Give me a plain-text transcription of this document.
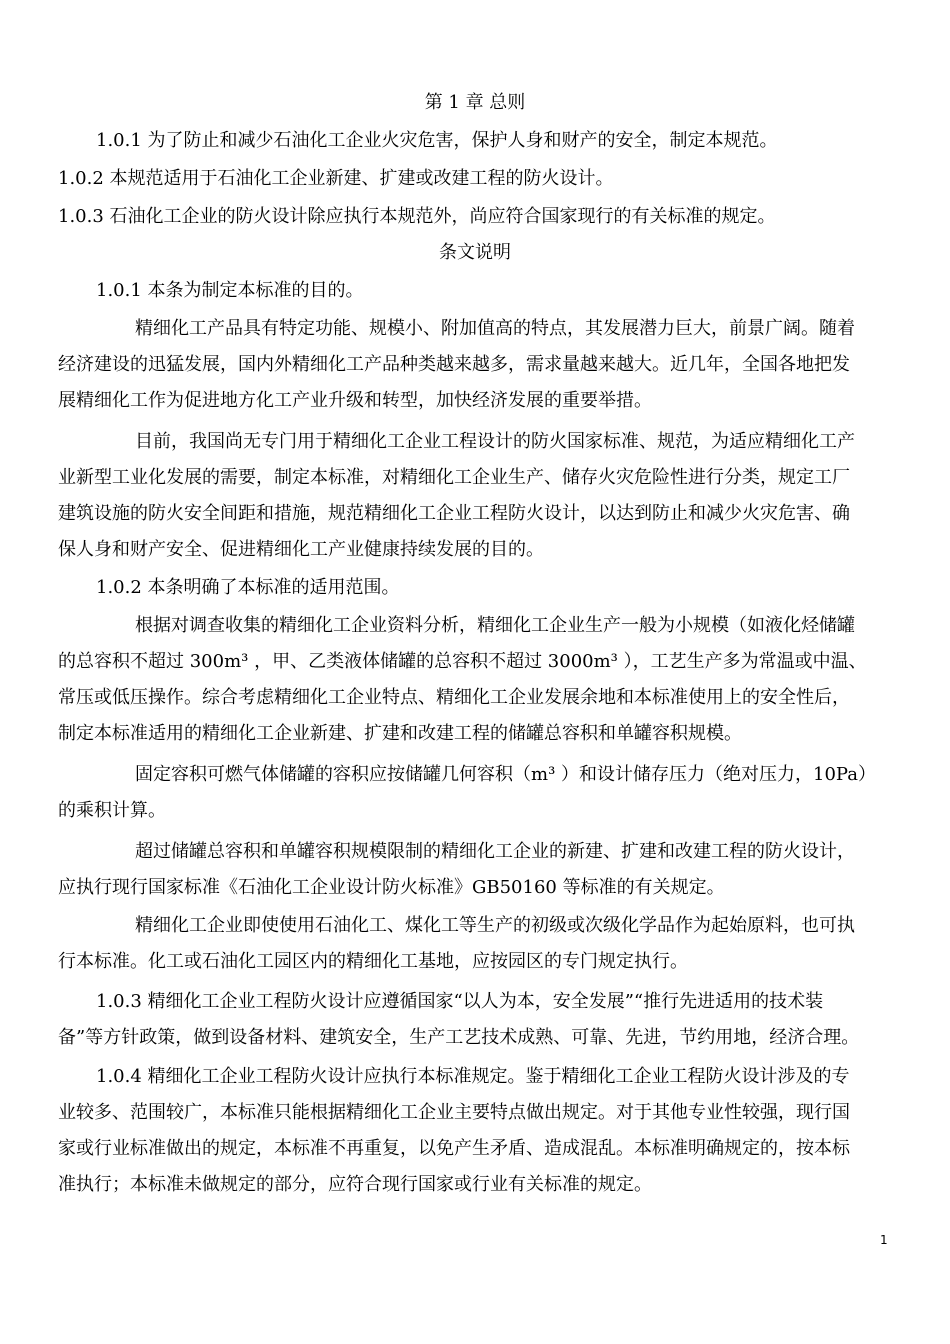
第 1 章 总则
1.0.1 为了防止和减少石油化工企业火灾危害，保护人身和财产的安全，制定本规范。
1.0.2 本规范适用于石油化工企业新建、扩建或改建工程的防火设计。
1.0.3 石油化工企业的防火设计除应执行本规范外，尚应符合国家现行的有关标准的规定。
条文说明
1.0.1 本条为制定本标准的目的。
精细化工产品具有特定功能、规模小、附加值高的特点，其发展潜力巨大，前景广阔。随着
经济建设的迅猛发展，国内外精细化工产品种类越来越多，需求量越来越大。近几年，全国各地把发
展精细化工作为促进地方化工产业升级和转型，加快经济发展的重要举措。
目前，我国尚无专门用于精细化工企业工程设计的防火国家标准、规范，为适应精细化工产
业新型工业化发展的需要，制定本标准，对精细化工企业生产、储存火灾危险性进行分类，规定工厂
建筑设施的防火安全间距和措施，规范精细化工企业工程防火设计，以达到防止和减少火灾危害、确
保人身和财产安全、促进精细化工产业健康持续发展的目的。
1.0.2 本条明确了本标准的适用范围。
根据对调查收集的精细化工企业资料分析，精细化工企业生产一般为小规模（如液化烃储罐
的总容积不超过 300m³ ，甲、乙类液体储罐的总容积不超过 3000m³ ），工艺生产多为常温或中温、
常压或低压操作。综合考虑精细化工企业特点、精细化工企业发展余地和本标准使用上的安全性后，
制定本标准适用的精细化工企业新建、扩建和改建工程的储罐总容积和单罐容积规模。
固定容积可燃气体储罐的容积应按储罐几何容积（m³ ）和设计储存压力（绝对压力，10Pa）
的乘积计算。
超过储罐总容积和单罐容积规模限制的精细化工企业的新建、扩建和改建工程的防火设计，
应执行现行国家标准《石油化工企业设计防火标准》GB50160 等标准的有关规定。
精细化工企业即使使用石油化工、煤化工等生产的初级或次级化学品作为起始原料，也可执
行本标准。化工或石油化工园区内的精细化工基地，应按园区的专门规定执行。
1.0.3 精细化工企业工程防火设计应遵循国家“以人为本，安全发展”“推行先进适用的技术装
备”等方针政策，做到设备材料、建筑安全，生产工艺技术成熟、可靠、先进，节约用地，经济合理。
1.0.4 精细化工企业工程防火设计应执行本标准规定。鉴于精细化工企业工程防火设计涉及的专
业较多、范围较广，本标准只能根据精细化工企业主要特点做出规定。对于其他专业性较强，现行国
家或行业标准做出的规定，本标准不再重复，以免产生矛盾、造成混乱。本标准明确规定的，按本标
准执行；本标准未做规定的部分，应符合现行国家或行业有关标准的规定。
1
